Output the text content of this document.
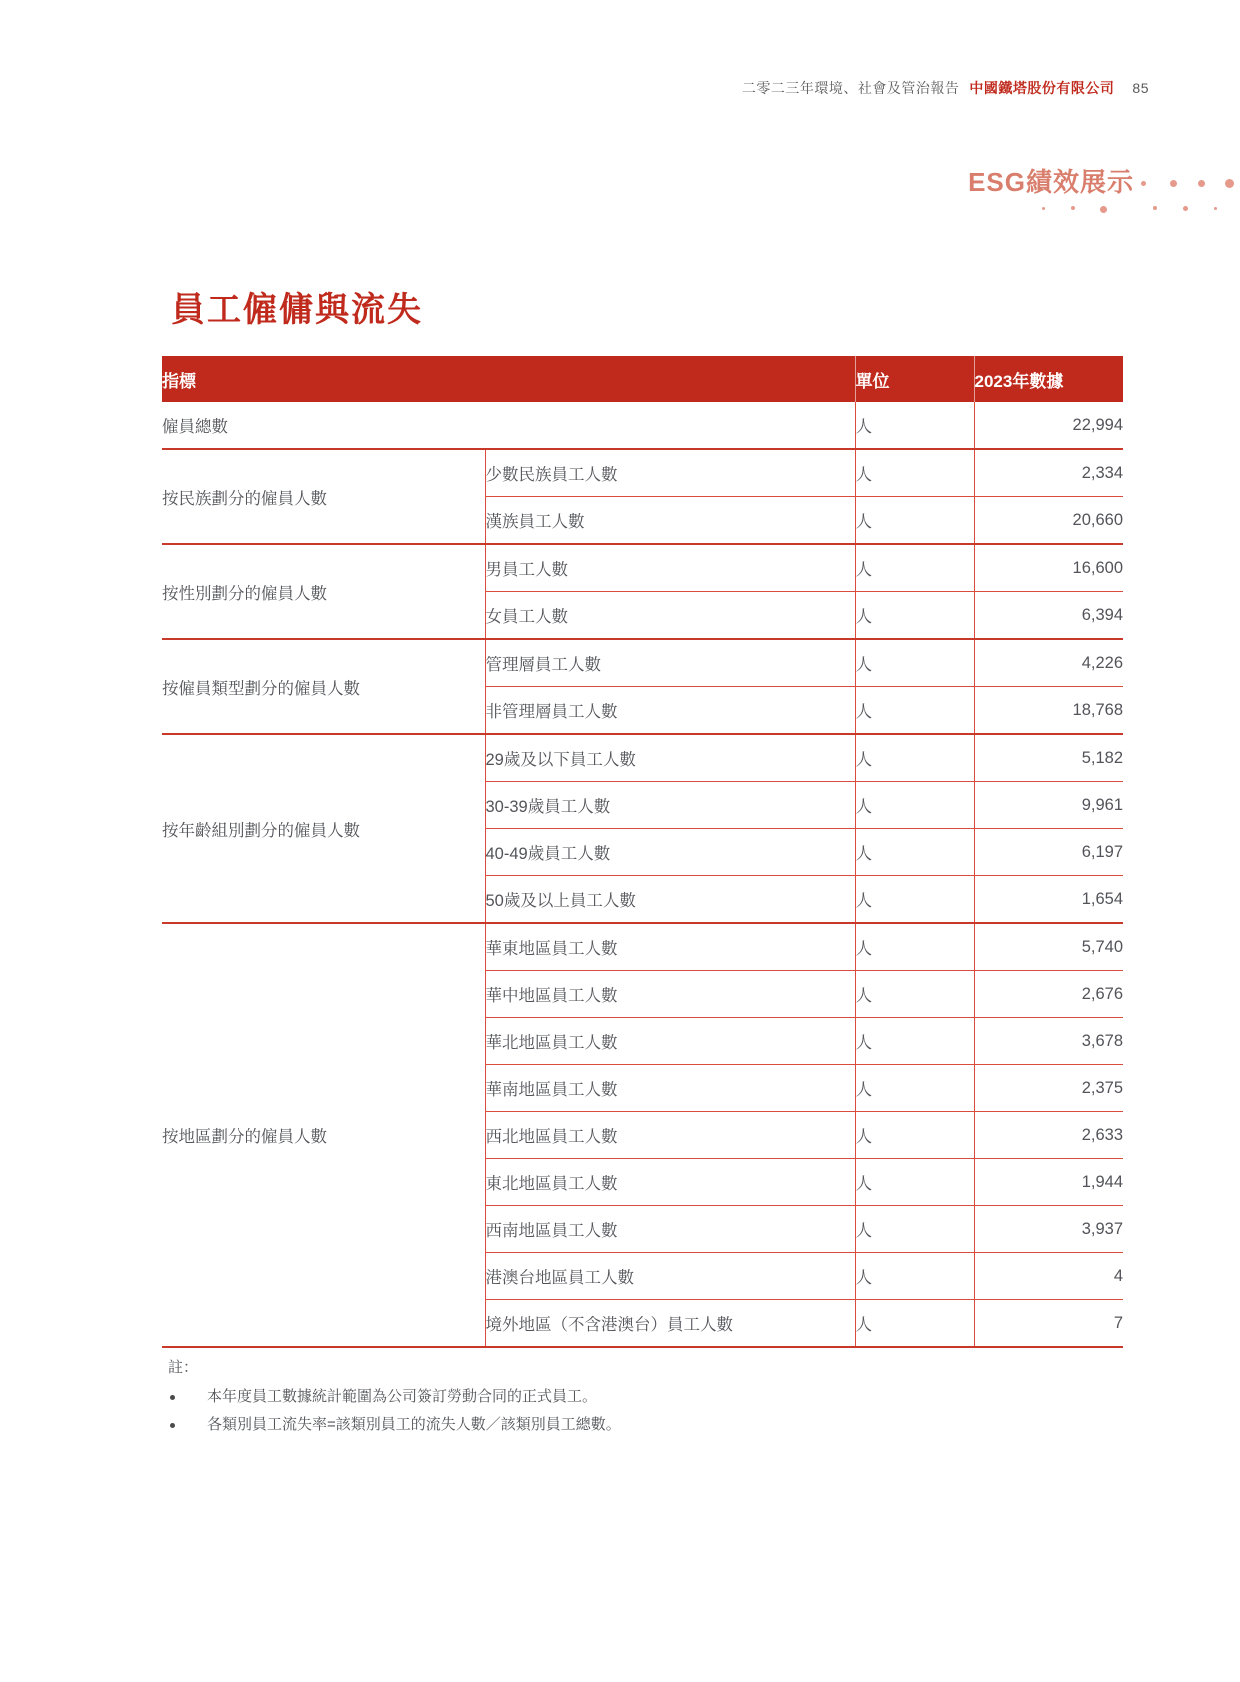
二零二三年環境、社會及管治報告 中國鐵塔股份有限公司 85
ESG績效展示
員工僱傭與流失
指標		單位	2023年數據
僱員總數		人	22,994
按民族劃分的僱員人數	少數民族員工人數	人	2,334
	漢族員工人數	人	20,660
按性別劃分的僱員人數	男員工人數	人	16,600
	女員工人數	人	6,394
按僱員類型劃分的僱員人數	管理層員工人數	人	4,226
	非管理層員工人數	人	18,768
按年齡組別劃分的僱員人數	29歲及以下員工人數	人	5,182
	30-39歲員工人數	人	9,961
	40-49歲員工人數	人	6,197
	50歲及以上員工人數	人	1,654
按地區劃分的僱員人數	華東地區員工人數	人	5,740
	華中地區員工人數	人	2,676
	華北地區員工人數	人	3,678
	華南地區員工人數	人	2,375
	西北地區員工人數	人	2,633
	東北地區員工人數	人	1,944
	西南地區員工人數	人	3,937
	港澳台地區員工人數	人	4
	境外地區（不含港澳台）員工人數	人	7
註：
本年度員工數據統計範圍為公司簽訂勞動合同的正式員工。
各類別員工流失率=該類別員工的流失人數／該類別員工總數。
